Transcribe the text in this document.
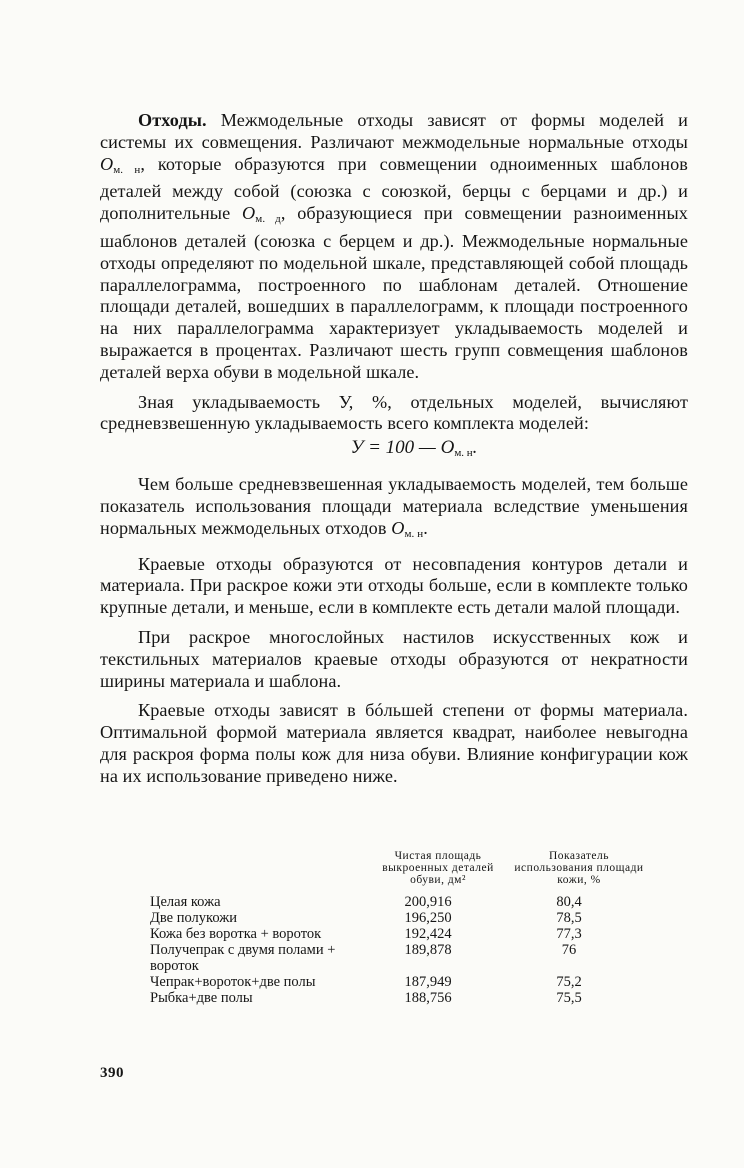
Отходы. Межмодельные отходы зависят от формы моделей и системы их совмещения. Различают межмодельные нормальные отходы $О_{м. н}$, которые образуются при совмещении одноименных шаблонов деталей между собой (союзка с союзкой, берцы с берцами и др.) и дополнительные $О_{м. д}$, образующиеся при совмещении разноименных шаблонов деталей (союзка с берцем и др.). Межмодельные нормальные отходы определяют по модельной шкале, представляющей собой площадь параллелограмма, построенного по шаблонам деталей. Отношение площади деталей, вошедших в параллелограмм, к площади построенного на них параллелограмма характеризует укладываемость моделей и выражается в процентах. Различают шесть групп совмещения шаблонов деталей верха обуви в модельной шкале.

Зная укладываемость У, %, отдельных моделей, вычисляют средневзвешенную укладываемость всего комплекта моделей:

У = 100 — $О_{м. н}$.

Чем больше средневзвешенная укладываемость моделей, тем больше показатель использования площади материала вследствие уменьшения нормальных межмодельных отходов $О_{м. н}$.

Краевые отходы образуются от несовпадения контуров детали и материала. При раскрое кожи эти отходы больше, если в комплекте только крупные детали, и меньше, если в комплекте есть детали малой площади.

При раскрое многослойных настилов искусственных кож и текстильных материалов краевые отходы образуются от некратности ширины материала и шаблона.

Краевые отходы зависят в бóльшей степени от формы материала. Оптимальной формой материала является квадрат, наиболее невыгодна для раскроя форма полы кож для низа обуви. Влияние конфигурации кож на их использование приведено ниже.

	Чистая площадь выкроенных деталей обуви, дм²	Показатель использования площади кожи, %
Целая кожа	200,916	80,4
Две полукожи	196,250	78,5
Кожа без воротка + вороток	192,424	77,3
Получепрак с двумя полами + вороток	189,878	76
Чепрак+вороток+две полы	187,949	75,2
Рыбка+две полы	188,756	75,5
390
